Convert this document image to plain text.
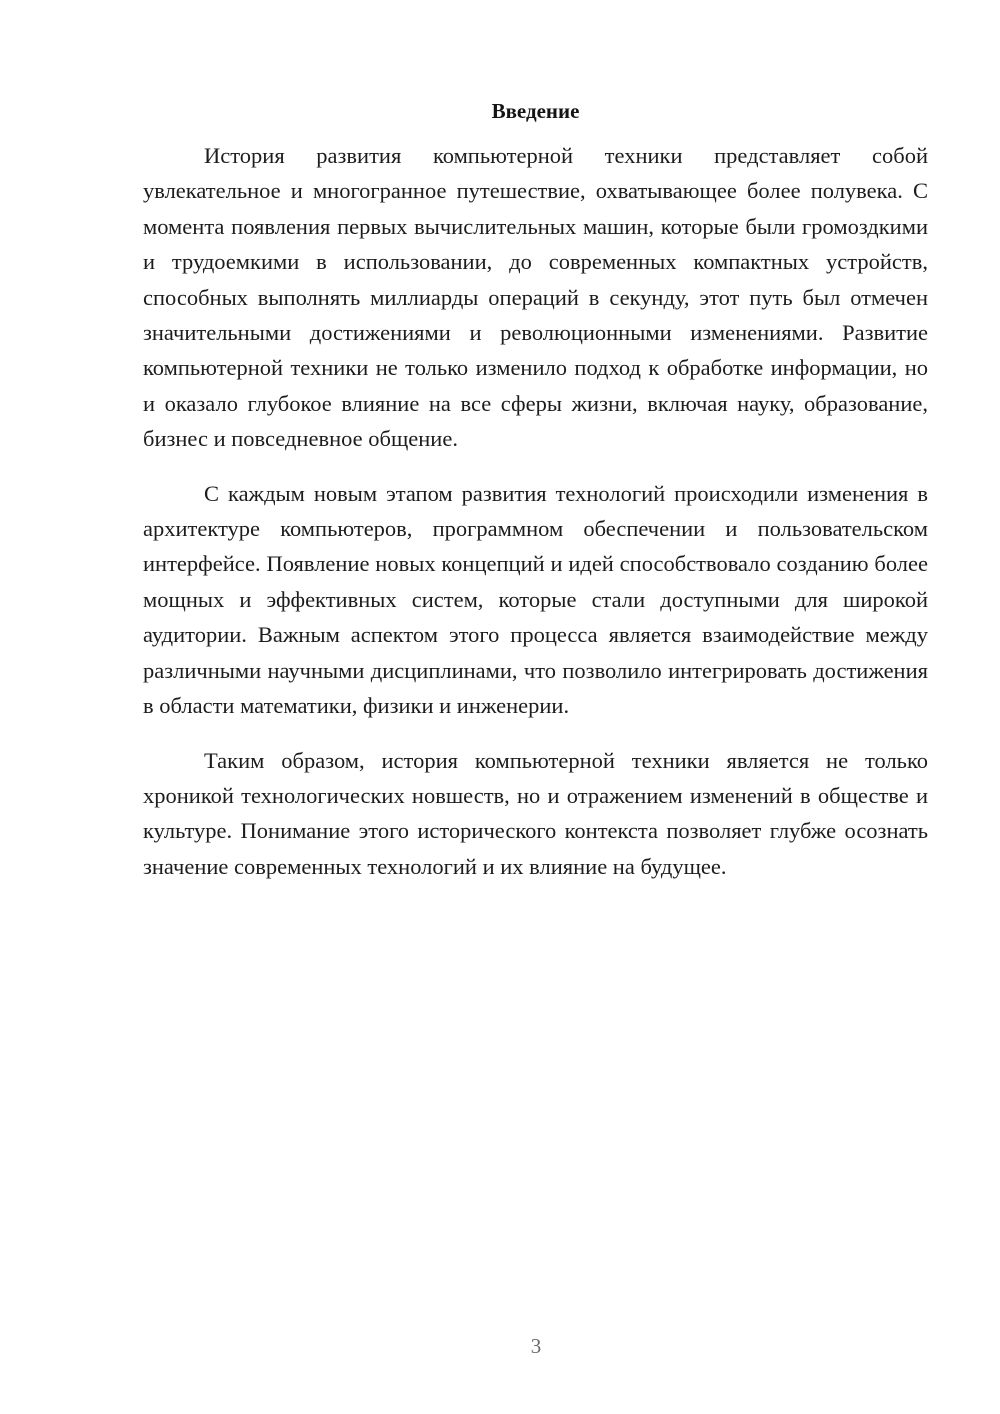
Введение

История развития компьютерной техники представляет собой увлекательное и многогранное путешествие, охватывающее более полувека. С момента появления первых вычислительных машин, которые были громоздкими и трудоемкими в использовании, до современных компактных устройств, способных выполнять миллиарды операций в секунду, этот путь был отмечен значительными достижениями и революционными изменениями. Развитие компьютерной техники не только изменило подход к обработке информации, но и оказало глубокое влияние на все сферы жизни, включая науку, образование, бизнес и повседневное общение.

С каждым новым этапом развития технологий происходили изменения в архитектуре компьютеров, программном обеспечении и пользовательском интерфейсе. Появление новых концепций и идей способствовало созданию более мощных и эффективных систем, которые стали доступными для широкой аудитории. Важным аспектом этого процесса является взаимодействие между различными научными дисциплинами, что позволило интегрировать достижения в области математики, физики и инженерии.

Таким образом, история компьютерной техники является не только хроникой технологических новшеств, но и отражением изменений в обществе и культуре. Понимание этого исторического контекста позволяет глубже осознать значение современных технологий и их влияние на будущее.

3
